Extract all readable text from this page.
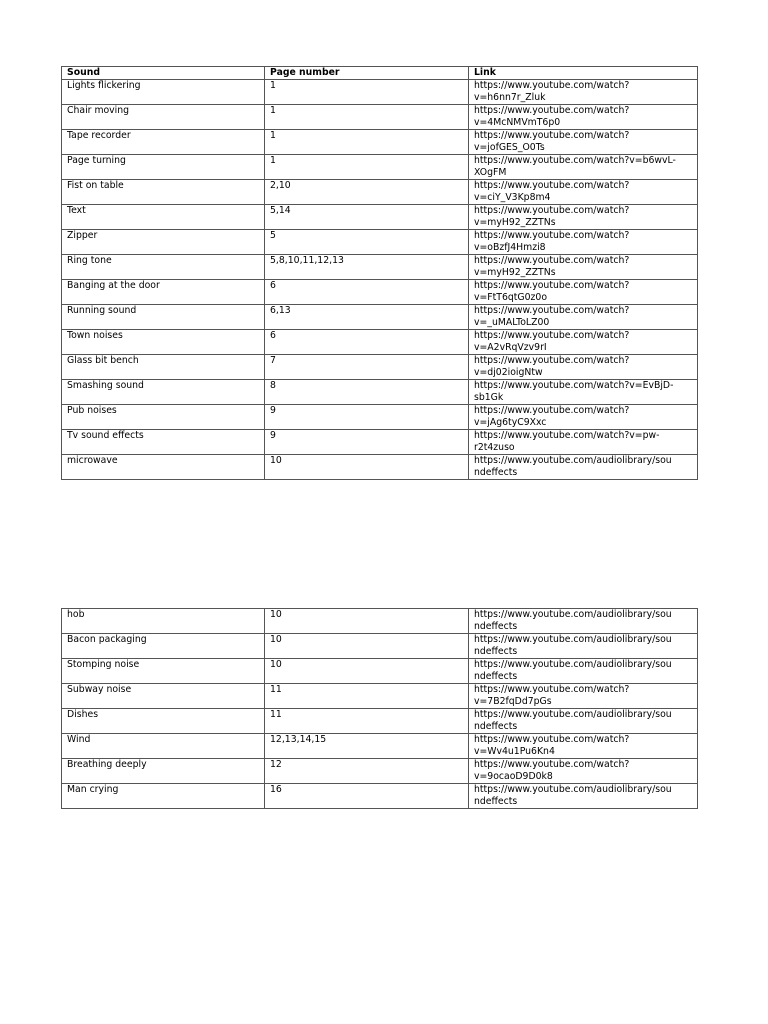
Sound	Page number	Link
Lights flickering	1	https://www.youtube.com/watch?
v=h6nn7r_Zluk
Chair moving	1	https://www.youtube.com/watch?
v=4McNMVmT6p0
Tape recorder	1	https://www.youtube.com/watch?
v=jofGES_O0Ts
Page turning	1	https://www.youtube.com/watch?v=b6wvL-
XOgFM
Fist on table	2,10	https://www.youtube.com/watch?
v=ciY_V3Kp8m4
Text	5,14	https://www.youtube.com/watch?
v=myH92_ZZTNs
Zipper	5	https://www.youtube.com/watch?
v=oBzfJ4Hmzi8
Ring tone	5,8,10,11,12,13	https://www.youtube.com/watch?
v=myH92_ZZTNs
Banging at the door	6	https://www.youtube.com/watch?
v=FtT6qtG0z0o
Running sound	6,13	https://www.youtube.com/watch?
v=_uMALToLZ00
Town noises	6	https://www.youtube.com/watch?
v=A2vRqVzv9rI
Glass bit bench	7	https://www.youtube.com/watch?
v=dj02ioigNtw
Smashing sound	8	https://www.youtube.com/watch?v=EvBjD-
sb1Gk
Pub noises	9	https://www.youtube.com/watch?
v=jAg6tyC9Xxc
Tv sound effects	9	https://www.youtube.com/watch?v=pw-
r2t4zuso
microwave	10	https://www.youtube.com/audiolibrary/sou
ndeffects
hob	10	https://www.youtube.com/audiolibrary/sou
ndeffects
Bacon packaging	10	https://www.youtube.com/audiolibrary/sou
ndeffects
Stomping noise	10	https://www.youtube.com/audiolibrary/sou
ndeffects
Subway noise	11	https://www.youtube.com/watch?
v=7B2fqDd7pGs
Dishes	11	https://www.youtube.com/audiolibrary/sou
ndeffects
Wind	12,13,14,15	https://www.youtube.com/watch?
v=Wv4u1Pu6Kn4
Breathing deeply	12	https://www.youtube.com/watch?
v=9ocaoD9D0k8
Man crying	16	https://www.youtube.com/audiolibrary/sou
ndeffects
